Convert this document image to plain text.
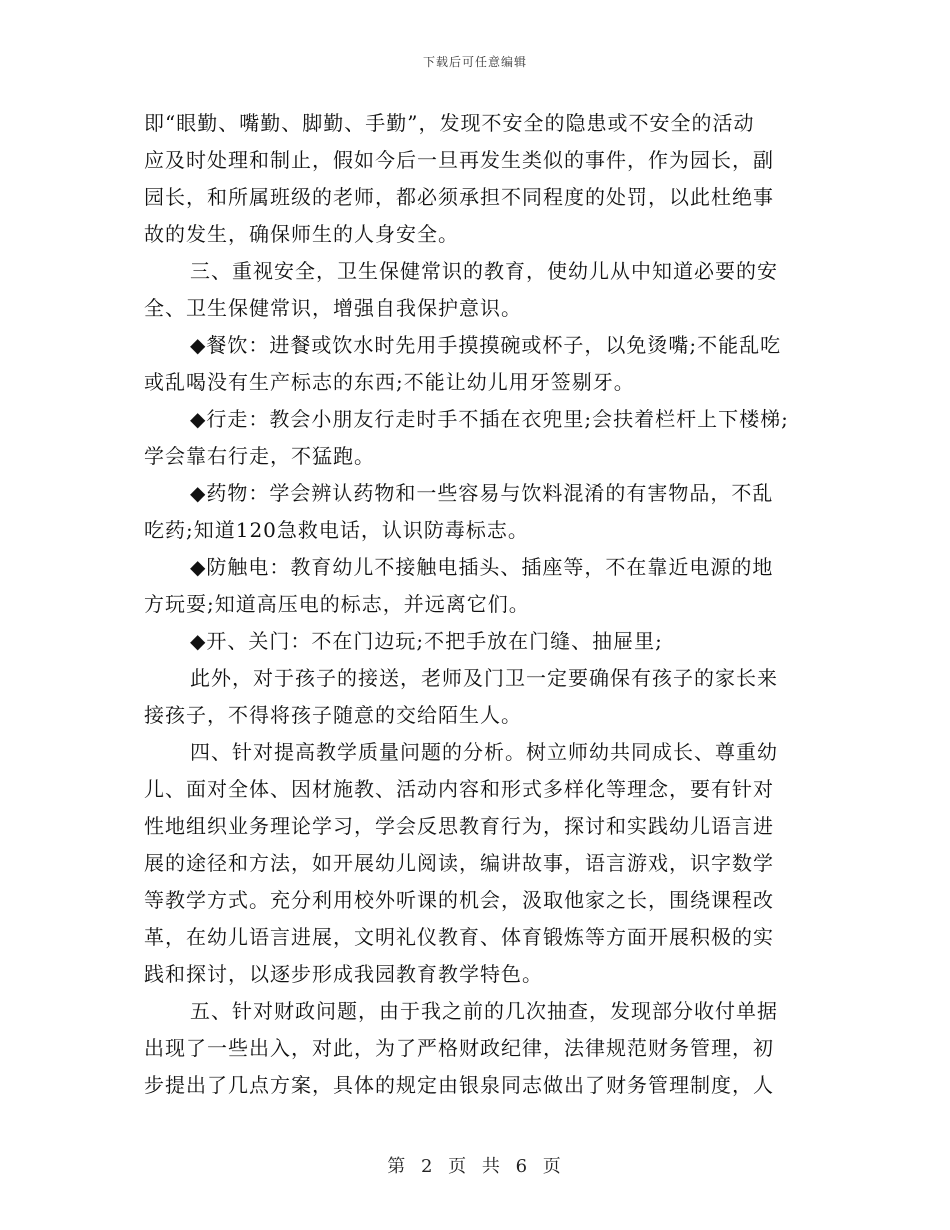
下载后可任意编辑
即“眼勤、嘴勤、脚勤、手勤”，发现不安全的隐患或不安全的活动
应及时处理和制止，假如今后一旦再发生类似的事件，作为园长，副
园长，和所属班级的老师，都必须承担不同程度的处罚，以此杜绝事
故的发生，确保师生的人身安全。
三、重视安全，卫生保健常识的教育，使幼儿从中知道必要的安
全、卫生保健常识，增强自我保护意识。
◆餐饮：进餐或饮水时先用手摸摸碗或杯子，以免烫嘴;不能乱吃
或乱喝没有生产标志的东西;不能让幼儿用牙签剔牙。
◆行走：教会小朋友行走时手不插在衣兜里;会扶着栏杆上下楼梯;
学会靠右行走，不猛跑。
◆药物：学会辨认药物和一些容易与饮料混淆的有害物品，不乱
吃药;知道120急救电话，认识防毒标志。
◆防触电：教育幼儿不接触电插头、插座等，不在靠近电源的地
方玩耍;知道高压电的标志，并远离它们。
◆开、关门：不在门边玩;不把手放在门缝、抽屉里;
此外，对于孩子的接送，老师及门卫一定要确保有孩子的家长来
接孩子，不得将孩子随意的交给陌生人。
四、针对提高教学质量问题的分析。树立师幼共同成长、尊重幼
儿、面对全体、因材施教、活动内容和形式多样化等理念，要有针对
性地组织业务理论学习，学会反思教育行为，探讨和实践幼儿语言进
展的途径和方法，如开展幼儿阅读，编讲故事，语言游戏，识字数学
等教学方式。充分利用校外听课的机会，汲取他家之长，围绕课程改
革，在幼儿语言进展，文明礼仪教育、体育锻炼等方面开展积极的实
践和探讨，以逐步形成我园教育教学特色。
五、针对财政问题，由于我之前的几次抽查，发现部分收付单据
出现了一些出入，对此，为了严格财政纪律，法律规范财务管理，初
步提出了几点方案，具体的规定由银泉同志做出了财务管理制度，人
第 2 页 共 6 页
